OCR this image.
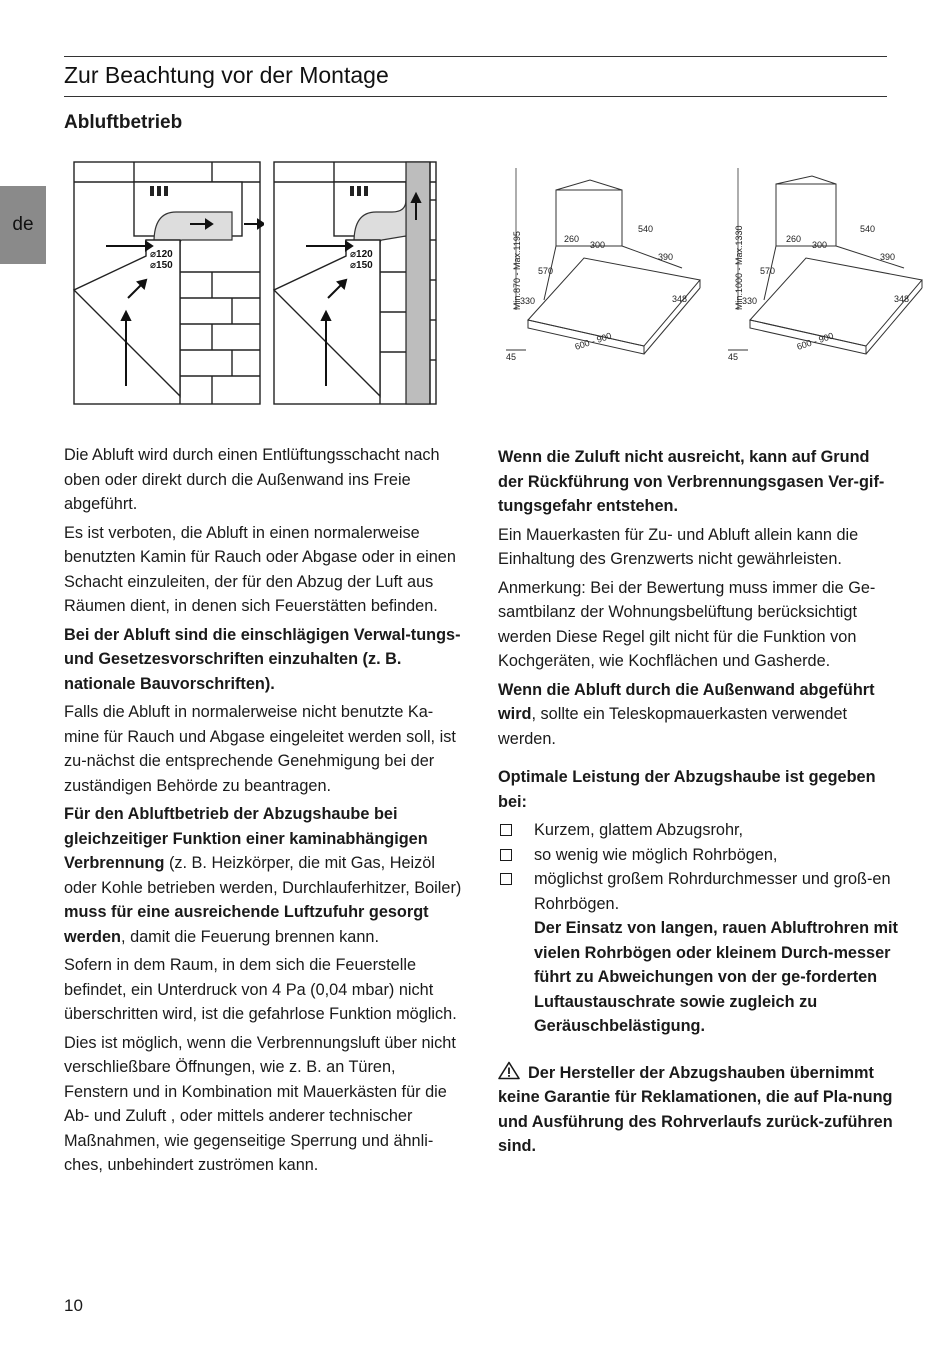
Zur Beachtung vor der Montage
Abluftbetrieb
de
⌀120
⌀150
⌀120
⌀150	Min.870 - Max.1195	260
300
540
390
570
330	348
45
600 - 900
Min.1000 - Max.1330	260
300
540
390
570
330	348
45
600 - 900

Die Abluft wird durch einen Entlüftungsschacht nach oben oder direkt durch die Außenwand ins Freie abgeführt.

Es ist verboten, die Abluft in einen normalerweise benutzten Kamin für Rauch oder Abgase oder in einen Schacht einzuleiten, der für den Abzug der Luft aus Räumen dient, in denen sich Feuerstätten befinden.

Bei der Abluft sind die einschlägigen Verwal-tungs- und Gesetzesvorschriften einzuhalten (z. B. nationale Bauvorschriften).

Falls die Abluft in normalerweise nicht benutzte Ka-mine für Rauch und Abgase eingeleitet werden soll, ist zu-nächst die entsprechende Genehmigung bei der zuständigen Behörde zu beantragen.

Für den Abluftbetrieb der Abzugshaube bei gleichzeitiger Funktion einer kaminabhängigen Verbrennung (z. B. Heizkörper, die mit Gas, Heizöl oder Kohle betrieben werden, Durchlauferhitzer, Boiler) muss für eine ausreichende Luftzufuhr gesorgt werden, damit die Feuerung brennen kann.

Sofern in dem Raum, in dem sich die Feuerstelle befindet, ein Unterdruck von 4 Pa (0,04 mbar) nicht überschritten wird, ist die gefahrlose Funktion möglich.

Dies ist möglich, wenn die Verbrennungsluft über nicht verschließbare Öffnungen, wie z. B. an Türen, Fenstern und in Kombination mit Mauerkästen für die Ab- und Zuluft , oder mittels anderer technischer Maßnahmen, wie gegenseitige Sperrung und ähnli-ches, unbehindert zuströmen kann.

Wenn die Zuluft nicht ausreicht, kann auf Grund der Rückführung von Verbrennungsgasen Ver-gif-tungsgefahr entstehen.

Ein Mauerkasten für Zu- und Abluft allein kann die Einhaltung des Grenzwerts nicht gewährleisten.

Anmerkung: Bei der Bewertung muss immer die Ge-samtbilanz der Wohnungsbelüftung berücksichtigt werden Diese Regel gilt nicht für die Funktion von Kochgeräten, wie Kochflächen und Gasherde.

Wenn die Abluft durch die Außenwand abgeführt wird, sollte ein Teleskopmauerkasten verwendet werden.

Optimale Leistung der Abzugshaube ist gegeben bei:

Kurzem, glattem Abzugsrohr,
so wenig wie möglich Rohrbögen,
möglichst großem Rohrdurchmesser und groß-en Rohrbögen.

Der Einsatz von langen, rauen Abluftrohren mit vielen Rohrbögen oder kleinem Durch-messer führt zu Abweichungen von der ge-forderten Luftaustauschrate sowie zugleich zu Geräuschbelästigung.

Der Hersteller der Abzugshauben übernimmt keine Garantie für Reklamationen, die auf Pla-nung und Ausführung des Rohrverlaufs zurück-zuführen sind.

10
